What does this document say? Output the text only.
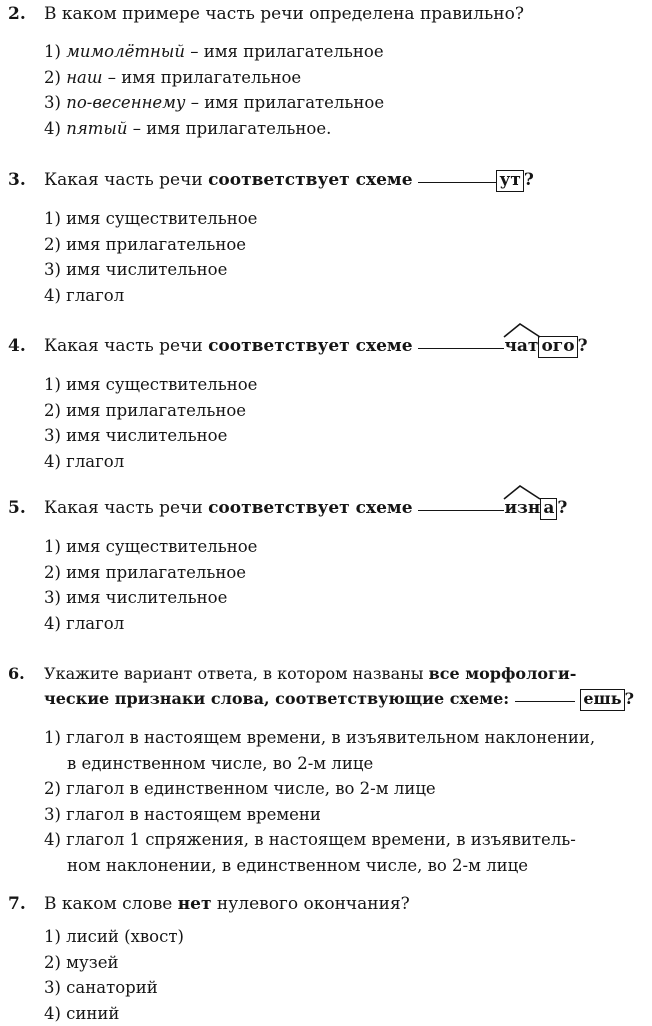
2. В каком примере часть речи определена правильно?
1) мимолётный – имя прилагательное
2) наш – имя прилагательное
3) по-весеннему – имя прилагательное
4) пятый – имя прилагательное.
3. Какая часть речи соответствует схеме	ут ?
1) имя существительное
2) имя прилагательное
3) имя числительное
4) глагол
4. Какая часть речи соответствует схеме	чат ого ?
1) имя существительное
2) имя прилагательное
3) имя числительное
4) глагол
5. Какая часть речи соответствует схеме	изн а ?
1) имя существительное
2) имя прилагательное
3) имя числительное
4) глагол
6. Укажите вариант ответа, в котором названы все морфологи-
ческие признаки слова, соответствующие схеме:	ешь ?
1) глагол в настоящем времени, в изъявительном наклонении,
в единственном числе, во 2-м лице
2) глагол в единственном числе, во 2-м лице
3) глагол в настоящем времени
4) глагол 1 спряжения, в настоящем времени, в изъявитель-
ном наклонении, в единственном числе, во 2-м лице
7. В каком слове нет нулевого окончания?
1) лисий (хвост)
2) музей
3) санаторий
4) синий
